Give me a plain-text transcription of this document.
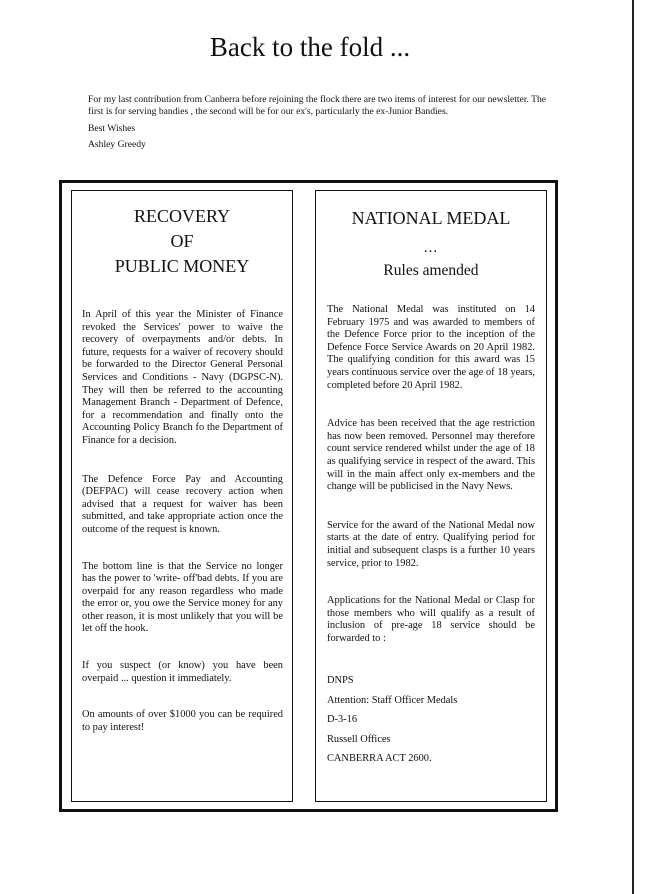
Back to the fold ...

For my last contribution from Canberra before rejoining the flock there are two items of interest for our newsletter. The first is for serving bandies , the second will be for our ex's, particularly the ex-Junior Bandies.

Best Wishes

Ashley Greedy

RECOVERY
OF
PUBLIC MONEY

In April of this year the Minister of Finance revoked the Services' power to waive the recovery of overpayments and/or debts. In future, requests for a waiver of recovery should be forwarded to the Director General Personal Services and Conditions - Navy (DGPSC-N). They will then be referred to the accounting Management Branch - Department of Defence, for a recommendation and finally onto the Accounting Policy Branch fo the Department of Finance for a decision.

The Defence Force Pay and Accounting (DEFPAC) will cease recovery action when advised that a request for waiver has been submitted, and take appropriate action once the outcome of the request is known.

The bottom line is that the Service no longer has the power to 'write- off'bad debts. If you are overpaid for any reason regardless who made the error or, you owe the Service money for any other reason, it is most unlikely that you will be let off the hook.

If you suspect (or know) you have been overpaid ... question it immediately.

On amounts of over $1000 you can be required to pay interest!

NATIONAL MEDAL
...
Rules amended

The National Medal was instituted on 14 February 1975 and was awarded to members of the Defence Force prior to the inception of the Defence Force Service Awards on 20 April 1982. The qualifying condition for this award was 15 years continuous service over the age of 18 years, completed before 20 April 1982.

Advice has been received that the age restriction has now been removed. Personnel may therefore count service rendered whilst under the age of 18 as qualifying service in respect of the award. This will in the main affect only ex-members and the change will be publicised in the Navy News.

Service for the award of the National Medal now starts at the date of entry. Qualifying period for initial and subsequent clasps is a further 10 years service, prior to 1982.

Applications for the National Medal or Clasp for those members who will qualify as a result of inclusion of pre-age 18 service should be forwarded to :

DNPS
Attention: Staff Officer Medals
D-3-16
Russell Offices
CANBERRA ACT 2600.
